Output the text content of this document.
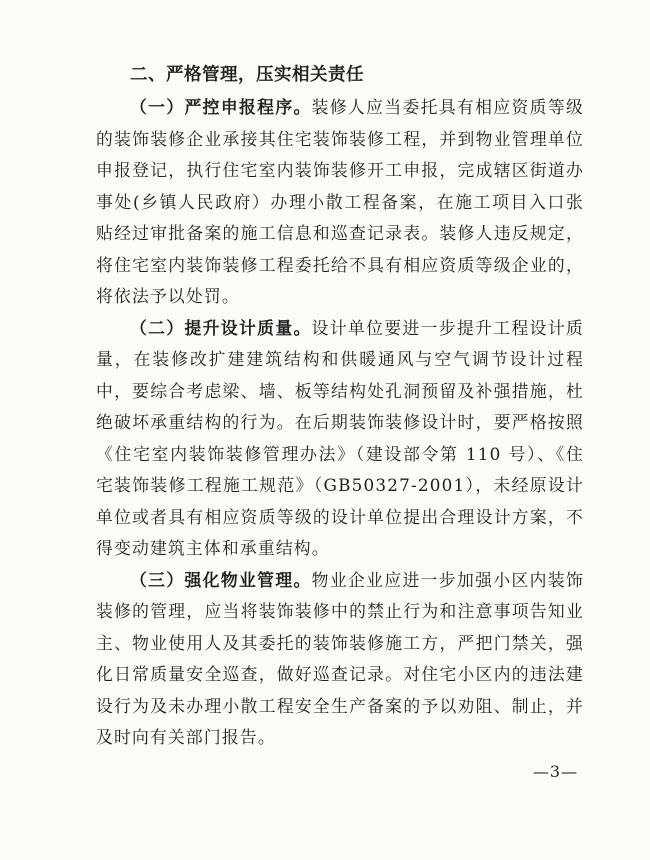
二、严格管理，压实相关责任

（一）严控申报程序。装修人应当委托具有相应资质等级的装饰装修企业承接其住宅装饰装修工程，并到物业管理单位申报登记，执行住宅室内装饰装修开工申报，完成辖区街道办事处(乡镇人民政府）办理小散工程备案，在施工项目入口张贴经过审批备案的施工信息和巡查记录表。装修人违反规定，将住宅室内装饰装修工程委托给不具有相应资质等级企业的，将依法予以处罚。

（二）提升设计质量。设计单位要进一步提升工程设计质量，在装修改扩建建筑结构和供暖通风与空气调节设计过程中，要综合考虑梁、墙、板等结构处孔洞预留及补强措施，杜绝破坏承重结构的行为。在后期装饰装修设计时，要严格按照《住宅室内装饰装修管理办法》（建设部令第 110 号）、《住宅装饰装修工程施工规范》（GB50327-2001），未经原设计单位或者具有相应资质等级的设计单位提出合理设计方案，不得变动建筑主体和承重结构。

（三）强化物业管理。物业企业应进一步加强小区内装饰装修的管理，应当将装饰装修中的禁止行为和注意事项告知业主、物业使用人及其委托的装饰装修施工方，严把门禁关，强化日常质量安全巡查，做好巡查记录。对住宅小区内的违法建设行为及未办理小散工程安全生产备案的予以劝阻、制止，并及时向有关部门报告。

—3—
